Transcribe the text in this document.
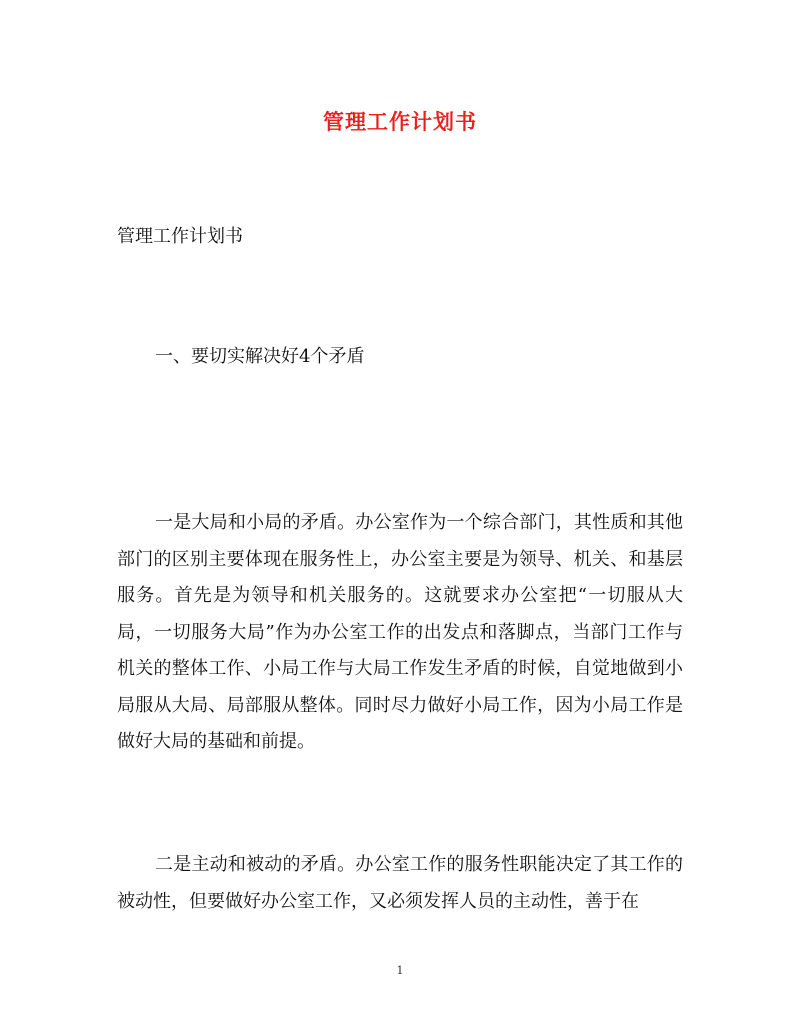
管理工作计划书

管理工作计划书

一、要切实解决好4个矛盾

一是大局和小局的矛盾。办公室作为一个综合部门，其性质和其他部门的区别主要体现在服务性上，办公室主要是为领导、机关、和基层服务。首先是为领导和机关服务的。这就要求办公室把“一切服从大局，一切服务大局”作为办公室工作的出发点和落脚点，当部门工作与机关的整体工作、小局工作与大局工作发生矛盾的时候，自觉地做到小局服从大局、局部服从整体。同时尽力做好小局工作，因为小局工作是做好大局的基础和前提。

二是主动和被动的矛盾。办公室工作的服务性职能决定了其工作的被动性，但要做好办公室工作，又必须发挥人员的主动性，善于在

1
